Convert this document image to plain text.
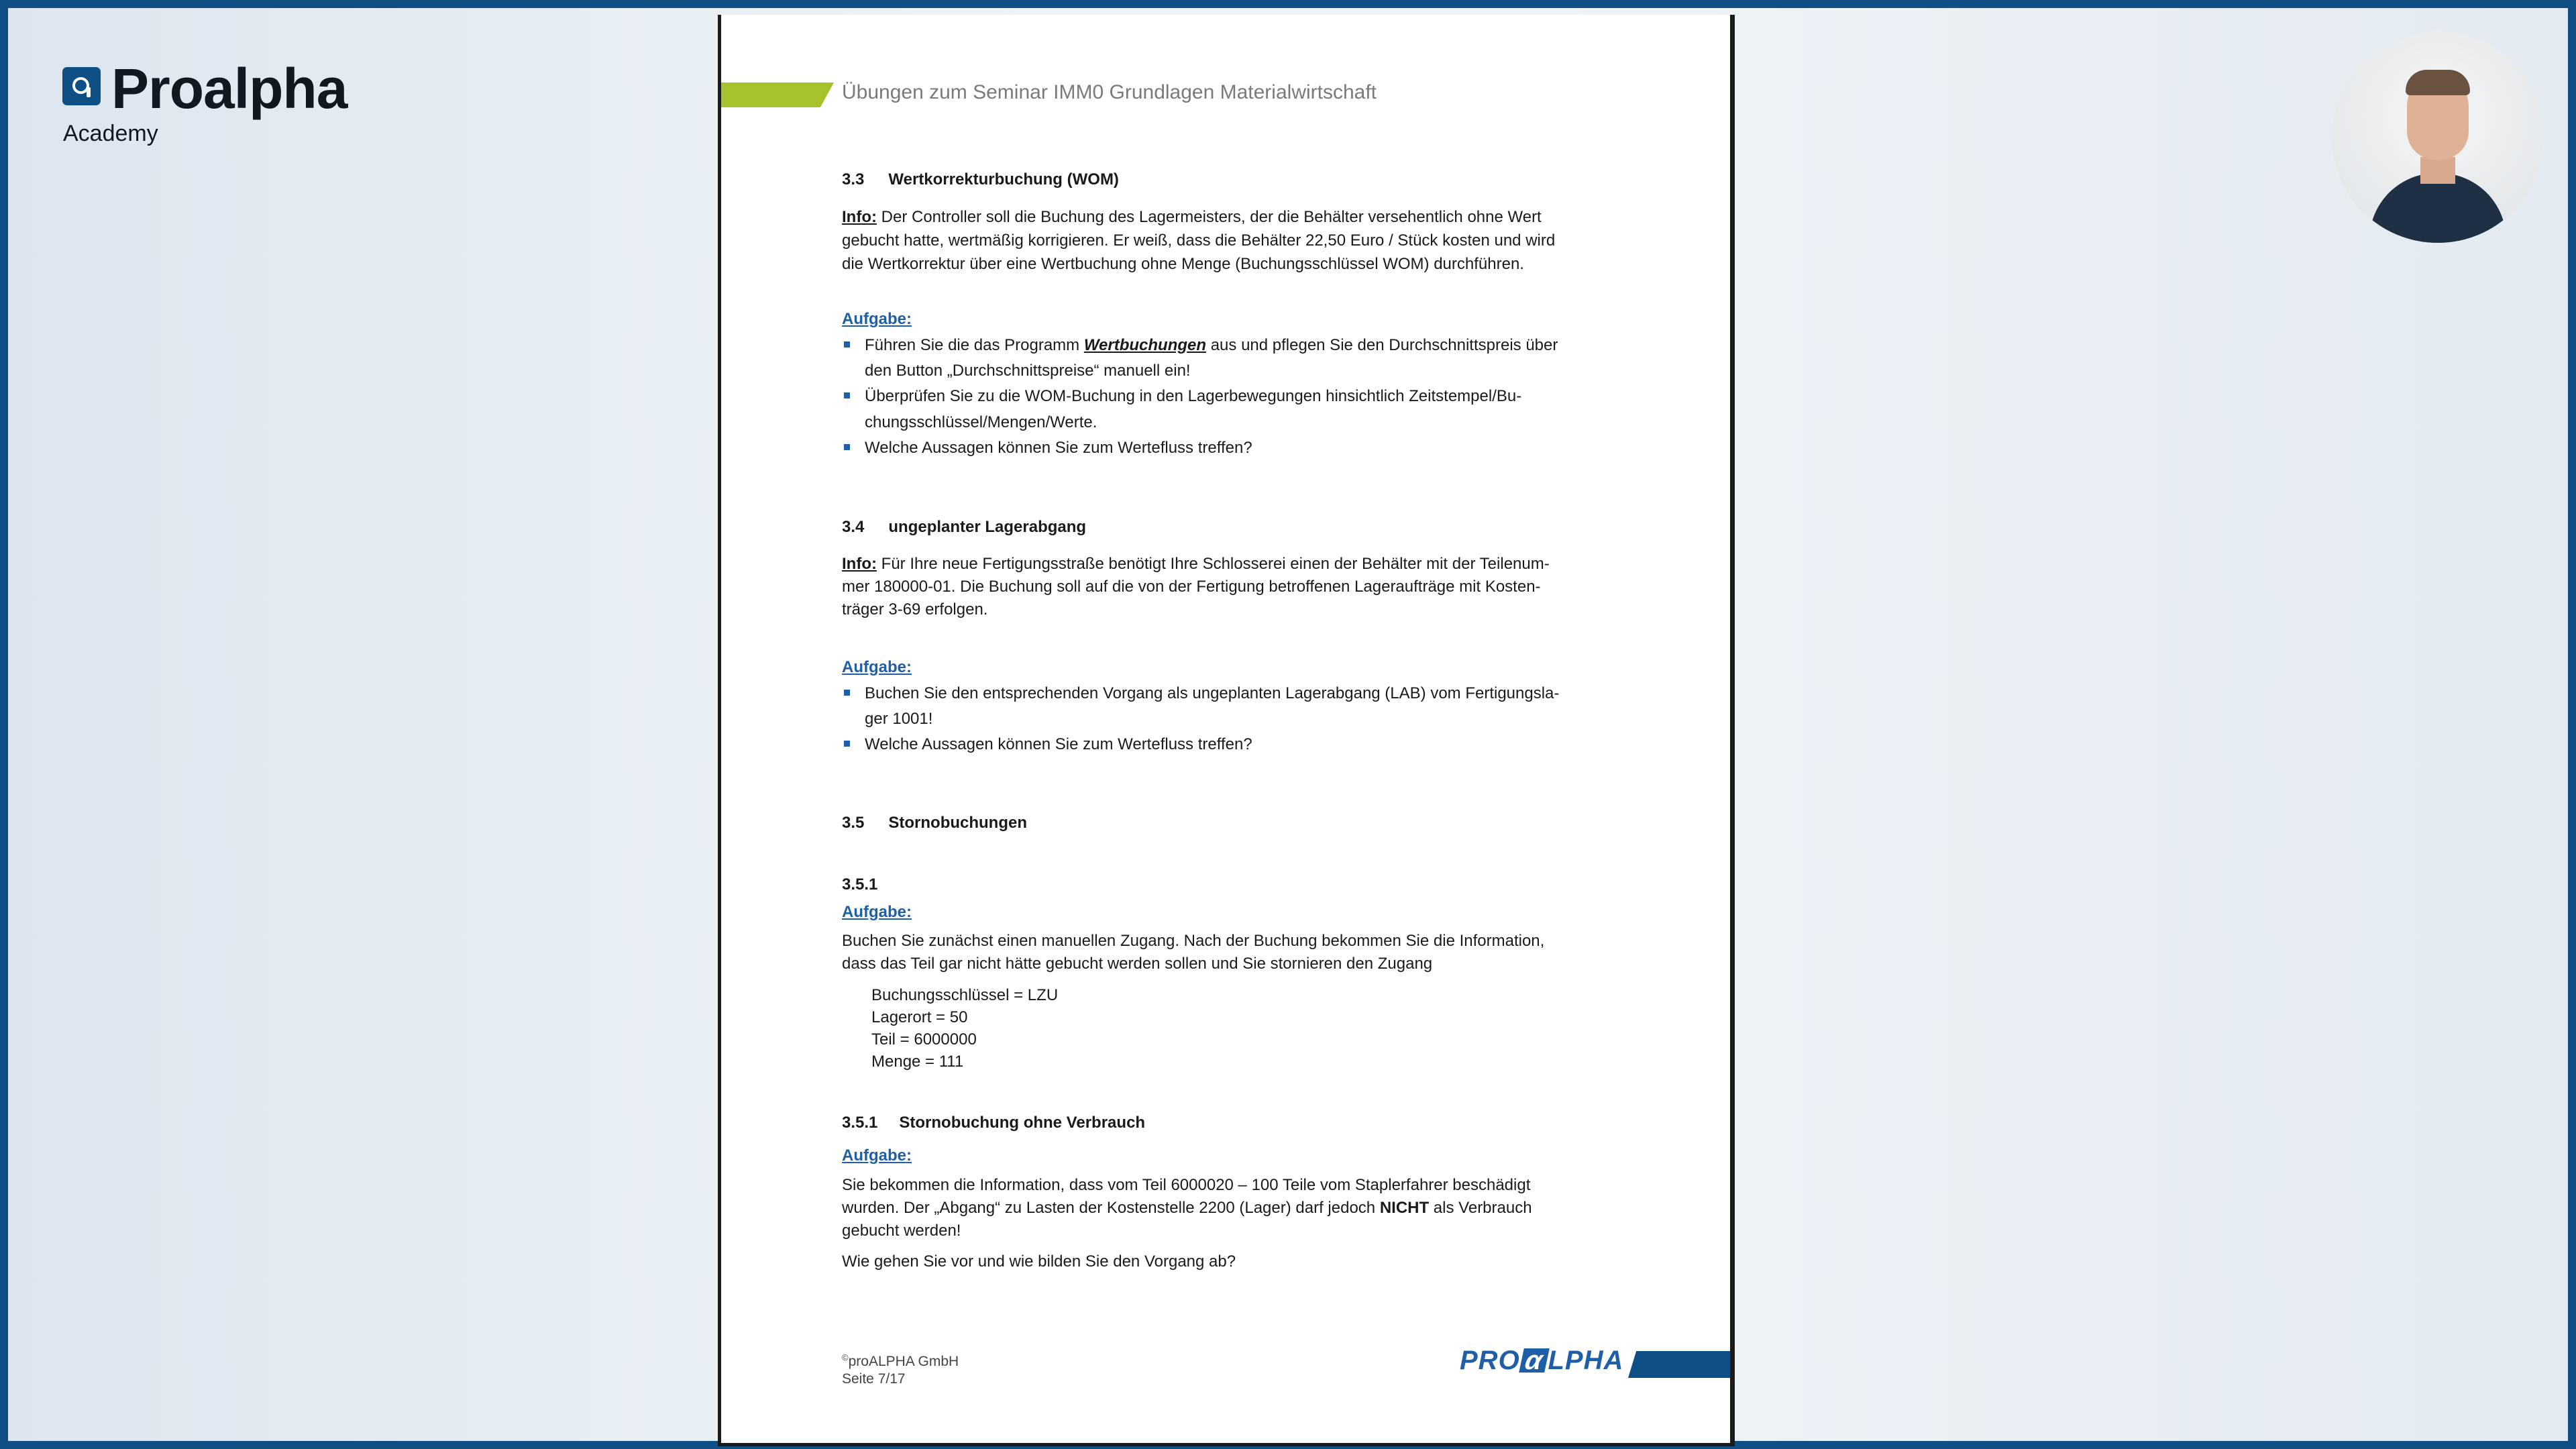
Proalpha
Academy
Übungen zum Seminar IMM0 Grundlagen Materialwirtschaft
3.3 Wertkorrekturbuchung (WOM)
Info: Der Controller soll die Buchung des Lagermeisters, der die Behälter versehentlich ohne Wert
gebucht hatte, wertmäßig korrigieren. Er weiß, dass die Behälter 22,50 Euro / Stück kosten und wird
die Wertkorrektur über eine Wertbuchung ohne Menge (Buchungsschlüssel WOM) durchführen.
Aufgabe:
Führen Sie die das Programm Wertbuchungen aus und pflegen Sie den Durchschnittspreis über
den Button „Durchschnittspreise“ manuell ein!
Überprüfen Sie zu die WOM-Buchung in den Lagerbewegungen hinsichtlich Zeitstempel/Bu-
chungsschlüssel/Mengen/Werte.
Welche Aussagen können Sie zum Wertefluss treffen?
3.4 ungeplanter Lagerabgang
Info: Für Ihre neue Fertigungsstraße benötigt Ihre Schlosserei einen der Behälter mit der Teilenum-
mer 180000-01. Die Buchung soll auf die von der Fertigung betroffenen Lageraufträge mit Kosten-
träger 3-69 erfolgen.
Aufgabe:
Buchen Sie den entsprechenden Vorgang als ungeplanten Lagerabgang (LAB) vom Fertigungsla-
ger 1001!
Welche Aussagen können Sie zum Wertefluss treffen?
3.5 Stornobuchungen
3.5.1
Aufgabe:
Buchen Sie zunächst einen manuellen Zugang. Nach der Buchung bekommen Sie die Information,
dass das Teil gar nicht hätte gebucht werden sollen und Sie stornieren den Zugang
Buchungsschlüssel = LZU
Lagerort = 50
Teil = 6000000
Menge = 111
3.5.1 Stornobuchung ohne Verbrauch
Aufgabe:
Sie bekommen die Information, dass vom Teil 6000020 – 100 Teile vom Staplerfahrer beschädigt
wurden. Der „Abgang“ zu Lasten der Kostenstelle 2200 (Lager) darf jedoch NICHT als Verbrauch
gebucht werden!
Wie gehen Sie vor und wie bilden Sie den Vorgang ab?
©proALPHA GmbH
Seite 7/17
PROαLPHA
